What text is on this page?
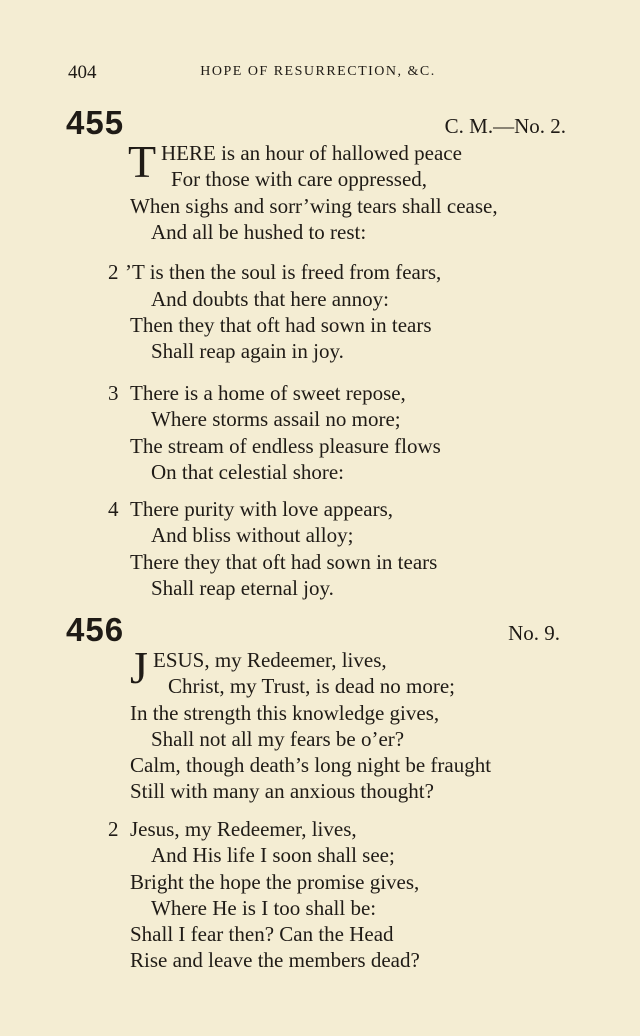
404	HOPE OF RESURRECTION, &C.
455	C. M.—No. 2.
T HERE is an hour of hallowed peace
For those with care oppressed,
When sighs and sorr’wing tears shall cease,
And all be hushed to rest:
2 ’T is then the soul is freed from fears,
And doubts that here annoy:
Then they that oft had sown in tears
Shall reap again in joy.
3 There is a home of sweet repose,
Where storms assail no more;
The stream of endless pleasure flows
On that celestial shore:
4 There purity with love appears,
And bliss without alloy;
There they that oft had sown in tears
Shall reap eternal joy.
456	No. 9.
J ESUS, my Redeemer, lives,
Christ, my Trust, is dead no more;
In the strength this knowledge gives,
Shall not all my fears be o’er?
Calm, though death’s long night be fraught
Still with many an anxious thought?
2 Jesus, my Redeemer, lives,
And His life I soon shall see;
Bright the hope the promise gives,
Where He is I too shall be:
Shall I fear then? Can the Head
Rise and leave the members dead?
